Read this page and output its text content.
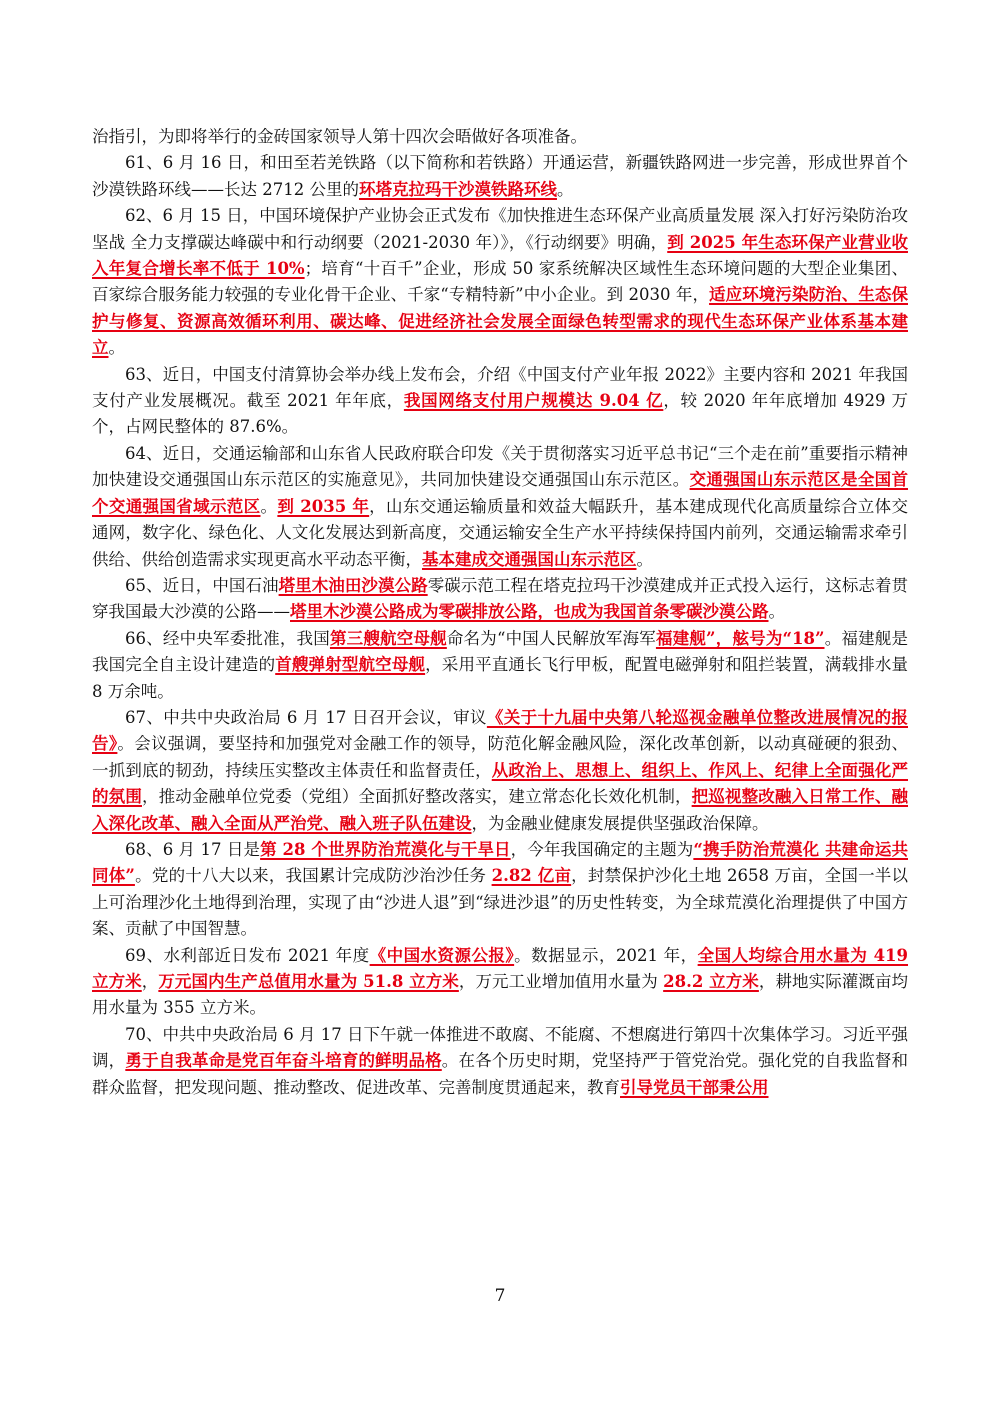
治指引，为即将举行的金砖国家领导人第十四次会晤做好各项准备。

61、6 月 16 日，和田至若羌铁路（以下简称和若铁路）开通运营，新疆铁路网进一步完善，形成世界首个沙漠铁路环线——长达 2712 公里的环塔克拉玛干沙漠铁路环线。

62、6 月 15 日，中国环境保护产业协会正式发布《加快推进生态环保产业高质量发展 深入打好污染防治攻坚战 全力支撑碳达峰碳中和行动纲要（2021-2030 年）》，《行动纲要》明确，到 2025 年生态环保产业营业收入年复合增长率不低于 10%；培育“十百千”企业，形成 50 家系统解决区域性生态环境问题的大型企业集团、百家综合服务能力较强的专业化骨干企业、千家“专精特新”中小企业。到 2030 年，适应环境污染防治、生态保护与修复、资源高效循环利用、碳达峰、促进经济社会发展全面绿色转型需求的现代生态环保产业体系基本建立。

63、近日，中国支付清算协会举办线上发布会，介绍《中国支付产业年报 2022》主要内容和 2021 年我国支付产业发展概况。截至 2021 年年底，我国网络支付用户规模达 9.04 亿，较 2020 年年底增加 4929 万个，占网民整体的 87.6%。

64、近日，交通运输部和山东省人民政府联合印发《关于贯彻落实习近平总书记“三个走在前”重要指示精神加快建设交通强国山东示范区的实施意见》，共同加快建设交通强国山东示范区。交通强国山东示范区是全国首个交通强国省域示范区。到 2035 年，山东交通运输质量和效益大幅跃升，基本建成现代化高质量综合立体交通网，数字化、绿色化、人文化发展达到新高度，交通运输安全生产水平持续保持国内前列，交通运输需求牵引供给、供给创造需求实现更高水平动态平衡，基本建成交通强国山东示范区。

65、近日，中国石油塔里木油田沙漠公路零碳示范工程在塔克拉玛干沙漠建成并正式投入运行，这标志着贯穿我国最大沙漠的公路——塔里木沙漠公路成为零碳排放公路，也成为我国首条零碳沙漠公路。

66、经中央军委批准，我国第三艘航空母舰命名为“中国人民解放军海军福建舰”，舷号为“18”。福建舰是我国完全自主设计建造的首艘弹射型航空母舰，采用平直通长飞行甲板，配置电磁弹射和阻拦装置，满载排水量 8 万余吨。

67、中共中央政治局 6 月 17 日召开会议，审议《关于十九届中央第八轮巡视金融单位整改进展情况的报告》。会议强调，要坚持和加强党对金融工作的领导，防范化解金融风险，深化改革创新，以动真碰硬的狠劲、一抓到底的韧劲，持续压实整改主体责任和监督责任，从政治上、思想上、组织上、作风上、纪律上全面强化严的氛围，推动金融单位党委（党组）全面抓好整改落实，建立常态化长效化机制，把巡视整改融入日常工作、融入深化改革、融入全面从严治党、融入班子队伍建设，为金融业健康发展提供坚强政治保障。

68、6 月 17 日是第 28 个世界防治荒漠化与干旱日，今年我国确定的主题为“携手防治荒漠化 共建命运共同体”。党的十八大以来，我国累计完成防沙治沙任务 2.82 亿亩，封禁保护沙化土地 2658 万亩，全国一半以上可治理沙化土地得到治理，实现了由“沙进人退”到“绿进沙退”的历史性转变，为全球荒漠化治理提供了中国方案、贡献了中国智慧。

69、水利部近日发布 2021 年度《中国水资源公报》。数据显示，2021 年，全国人均综合用水量为 419 立方米，万元国内生产总值用水量为 51.8 立方米，万元工业增加值用水量为 28.2 立方米，耕地实际灌溉亩均用水量为 355 立方米。

70、中共中央政治局 6 月 17 日下午就一体推进不敢腐、不能腐、不想腐进行第四十次集体学习。习近平强调，勇于自我革命是党百年奋斗培育的鲜明品格。在各个历史时期，党坚持严于管党治党。强化党的自我监督和群众监督，把发现问题、推动整改、促进改革、完善制度贯通起来，教育引导党员干部秉公用

7
